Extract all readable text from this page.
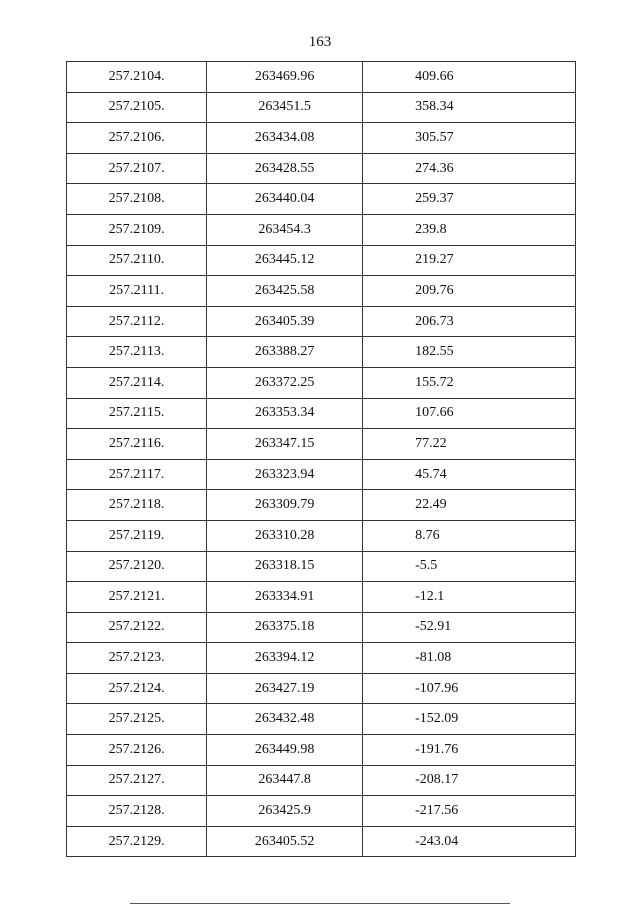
163
257.2104.	263469.96	409.66
257.2105.	263451.5	358.34
257.2106.	263434.08	305.57
257.2107.	263428.55	274.36
257.2108.	263440.04	259.37
257.2109.	263454.3	239.8
257.2110.	263445.12	219.27
257.2111.	263425.58	209.76
257.2112.	263405.39	206.73
257.2113.	263388.27	182.55
257.2114.	263372.25	155.72
257.2115.	263353.34	107.66
257.2116.	263347.15	77.22
257.2117.	263323.94	45.74
257.2118.	263309.79	22.49
257.2119.	263310.28	8.76
257.2120.	263318.15	-5.5
257.2121.	263334.91	-12.1
257.2122.	263375.18	-52.91
257.2123.	263394.12	-81.08
257.2124.	263427.19	-107.96
257.2125.	263432.48	-152.09
257.2126.	263449.98	-191.76
257.2127.	263447.8	-208.17
257.2128.	263425.9	-217.56
257.2129.	263405.52	-243.04
